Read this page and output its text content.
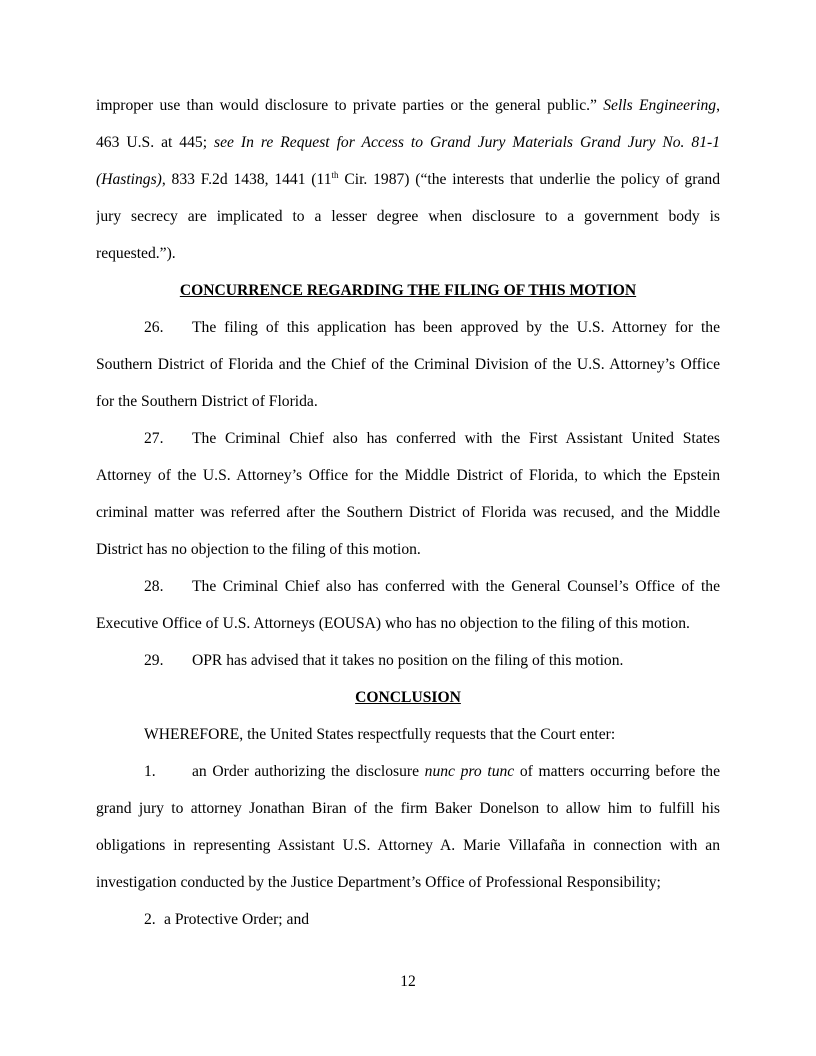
improper use than would disclosure to private parties or the general public.” Sells Engineering,
463 U.S. at 445; see In re Request for Access to Grand Jury Materials Grand Jury No. 81-1
(Hastings), 833 F.2d 1438, 1441 (11th Cir. 1987) (“the interests that underlie the policy of grand
jury secrecy are implicated to a lesser degree when disclosure to a government body is
requested.”).
CONCURRENCE REGARDING THE FILING OF THIS MOTION
26. The filing of this application has been approved by the U.S. Attorney for the
Southern District of Florida and the Chief of the Criminal Division of the U.S. Attorney’s Office
for the Southern District of Florida.
27. The Criminal Chief also has conferred with the First Assistant United States
Attorney of the U.S. Attorney’s Office for the Middle District of Florida, to which the Epstein
criminal matter was referred after the Southern District of Florida was recused, and the Middle
District has no objection to the filing of this motion.
28. The Criminal Chief also has conferred with the General Counsel’s Office of the
Executive Office of U.S. Attorneys (EOUSA) who has no objection to the filing of this motion.
29. OPR has advised that it takes no position on the filing of this motion.
CONCLUSION
WHEREFORE, the United States respectfully requests that the Court enter:
1. an Order authorizing the disclosure nunc pro tunc of matters occurring before the
grand jury to attorney Jonathan Biran of the firm Baker Donelson to allow him to fulfill his
obligations in representing Assistant U.S. Attorney A. Marie Villafaña in connection with an
investigation conducted by the Justice Department’s Office of Professional Responsibility;
2. a Protective Order; and
12
